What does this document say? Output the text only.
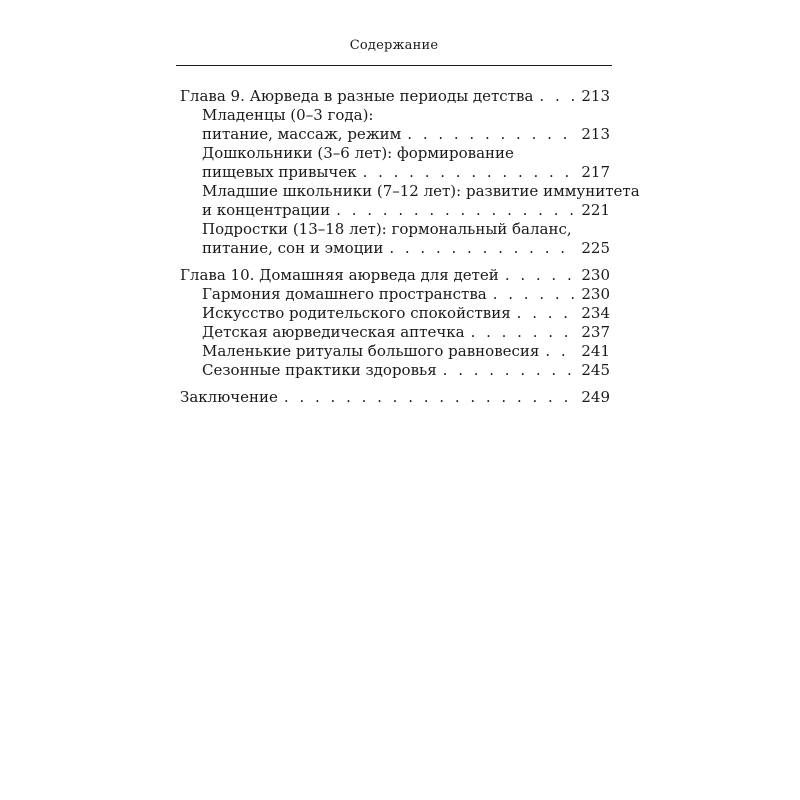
Содержание
Глава 9. Аюрведа в разные периоды детства . . .	213
Младенцы (0–3 года):
питание, массаж, режим . . .	213
Дошкольники (3–6 лет): формирование
пищевых привычек . . .	217
Младшие школьники (7–12 лет): развитие иммунитета
и концентрации . . .	221
Подростки (13–18 лет): гормональный баланс,
питание, сон и эмоции . . .	225
Глава 10. Домашняя аюрведа для детей . . .	230
Гармония домашнего пространства . . .	230
Искусство родительского спокойствия . . .	234
Детская аюрведическая аптечка . . .	237
Маленькие ритуалы большого равновесия . . .	241
Сезонные практики здоровья . . .	245
Заключение . . .	249
